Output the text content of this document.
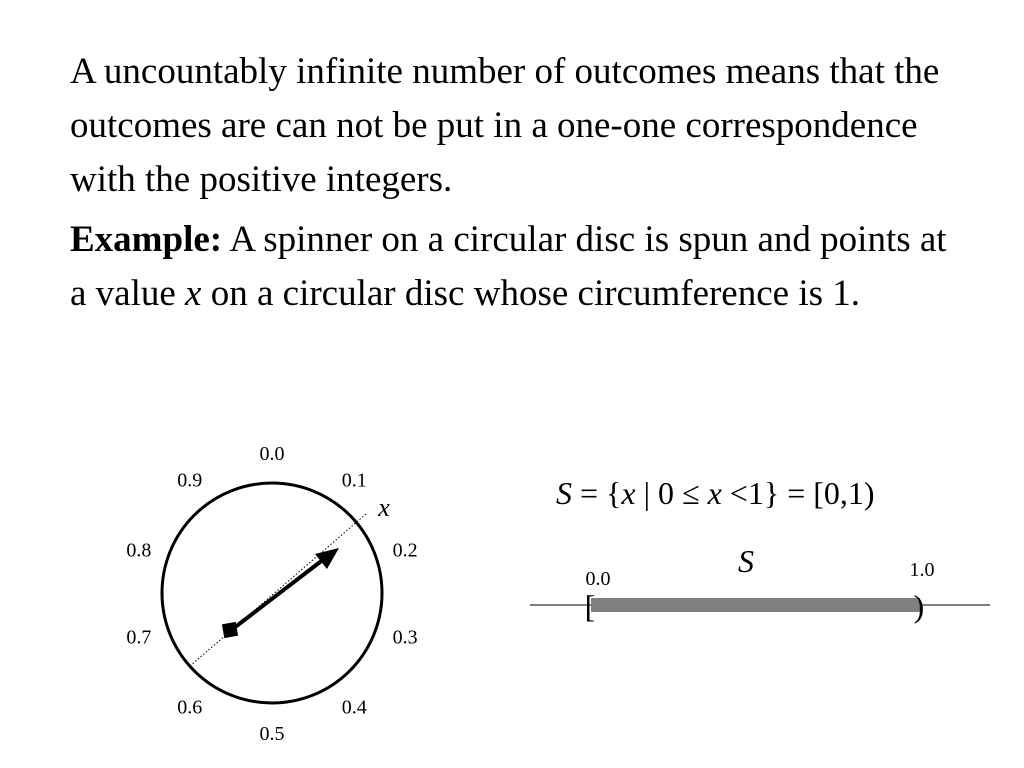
A uncountably infinite number of outcomes means that the outcomes are can not be put in a one-one correspondence with the positive integers.

Example: A spinner on a circular disc is spun and points at a value x on a circular disc whose circumference is 1.

0.0
0.1
0.2
0.3
0.4
0.5
0.6
0.7
0.8
0.9
x	S = {x | 0 ≤ x <1} = [0,1)
S
0.0	1.0
[	)
